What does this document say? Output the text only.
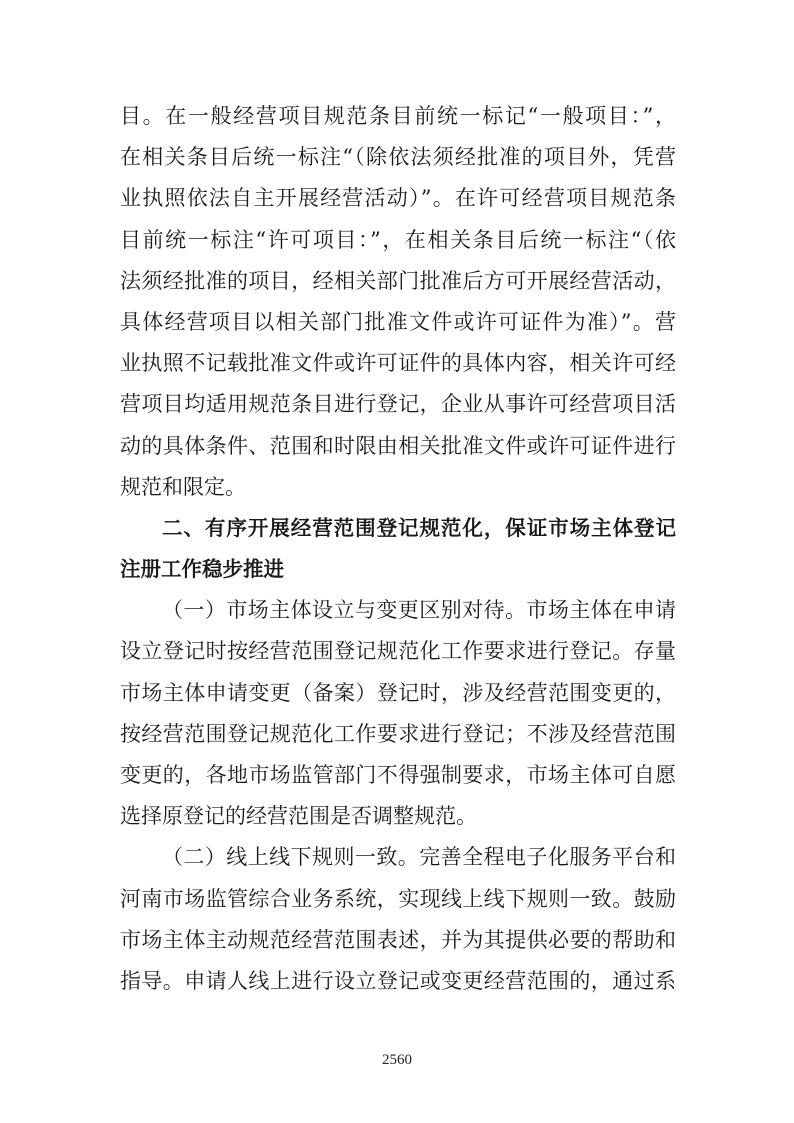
目。在一般经营项目规范条目前统一标记“一般项目：”，
在相关条目后统一标注“（除依法须经批准的项目外，凭营
业执照依法自主开展经营活动）”。在许可经营项目规范条
目前统一标注“许可项目：”，在相关条目后统一标注“（依
法须经批准的项目，经相关部门批准后方可开展经营活动，
具体经营项目以相关部门批准文件或许可证件为准）”。营
业执照不记载批准文件或许可证件的具体内容，相关许可经
营项目均适用规范条目进行登记，企业从事许可经营项目活
动的具体条件、范围和时限由相关批准文件或许可证件进行
规范和限定。
二、有序开展经营范围登记规范化，保证市场主体登记
注册工作稳步推进
（一）市场主体设立与变更区别对待。市场主体在申请
设立登记时按经营范围登记规范化工作要求进行登记。存量
市场主体申请变更（备案）登记时，涉及经营范围变更的，
按经营范围登记规范化工作要求进行登记；不涉及经营范围
变更的，各地市场监管部门不得强制要求，市场主体可自愿
选择原登记的经营范围是否调整规范。
（二）线上线下规则一致。完善全程电子化服务平台和
河南市场监管综合业务系统，实现线上线下规则一致。鼓励
市场主体主动规范经营范围表述，并为其提供必要的帮助和
指导。申请人线上进行设立登记或变更经营范围的，通过系
2560
